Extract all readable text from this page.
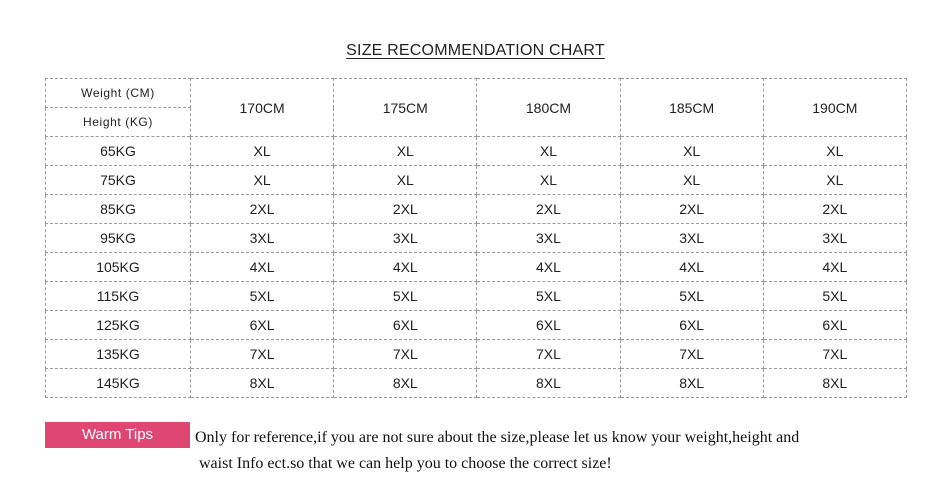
SIZE RECOMMENDATION CHART
Weight (CM)	170CM	175CM	180CM	185CM	190CM
Height (KG)					
65KG	XL	XL	XL	XL	XL
75KG	XL	XL	XL	XL	XL
85KG	2XL	2XL	2XL	2XL	2XL
95KG	3XL	3XL	3XL	3XL	3XL
105KG	4XL	4XL	4XL	4XL	4XL
115KG	5XL	5XL	5XL	5XL	5XL
125KG	6XL	6XL	6XL	6XL	6XL
135KG	7XL	7XL	7XL	7XL	7XL
145KG	8XL	8XL	8XL	8XL	8XL
Warm Tips	Only for reference,if you are not sure about the size,please let us know your weight,height and
waist Info ect.so that we can help you to choose the correct size!
